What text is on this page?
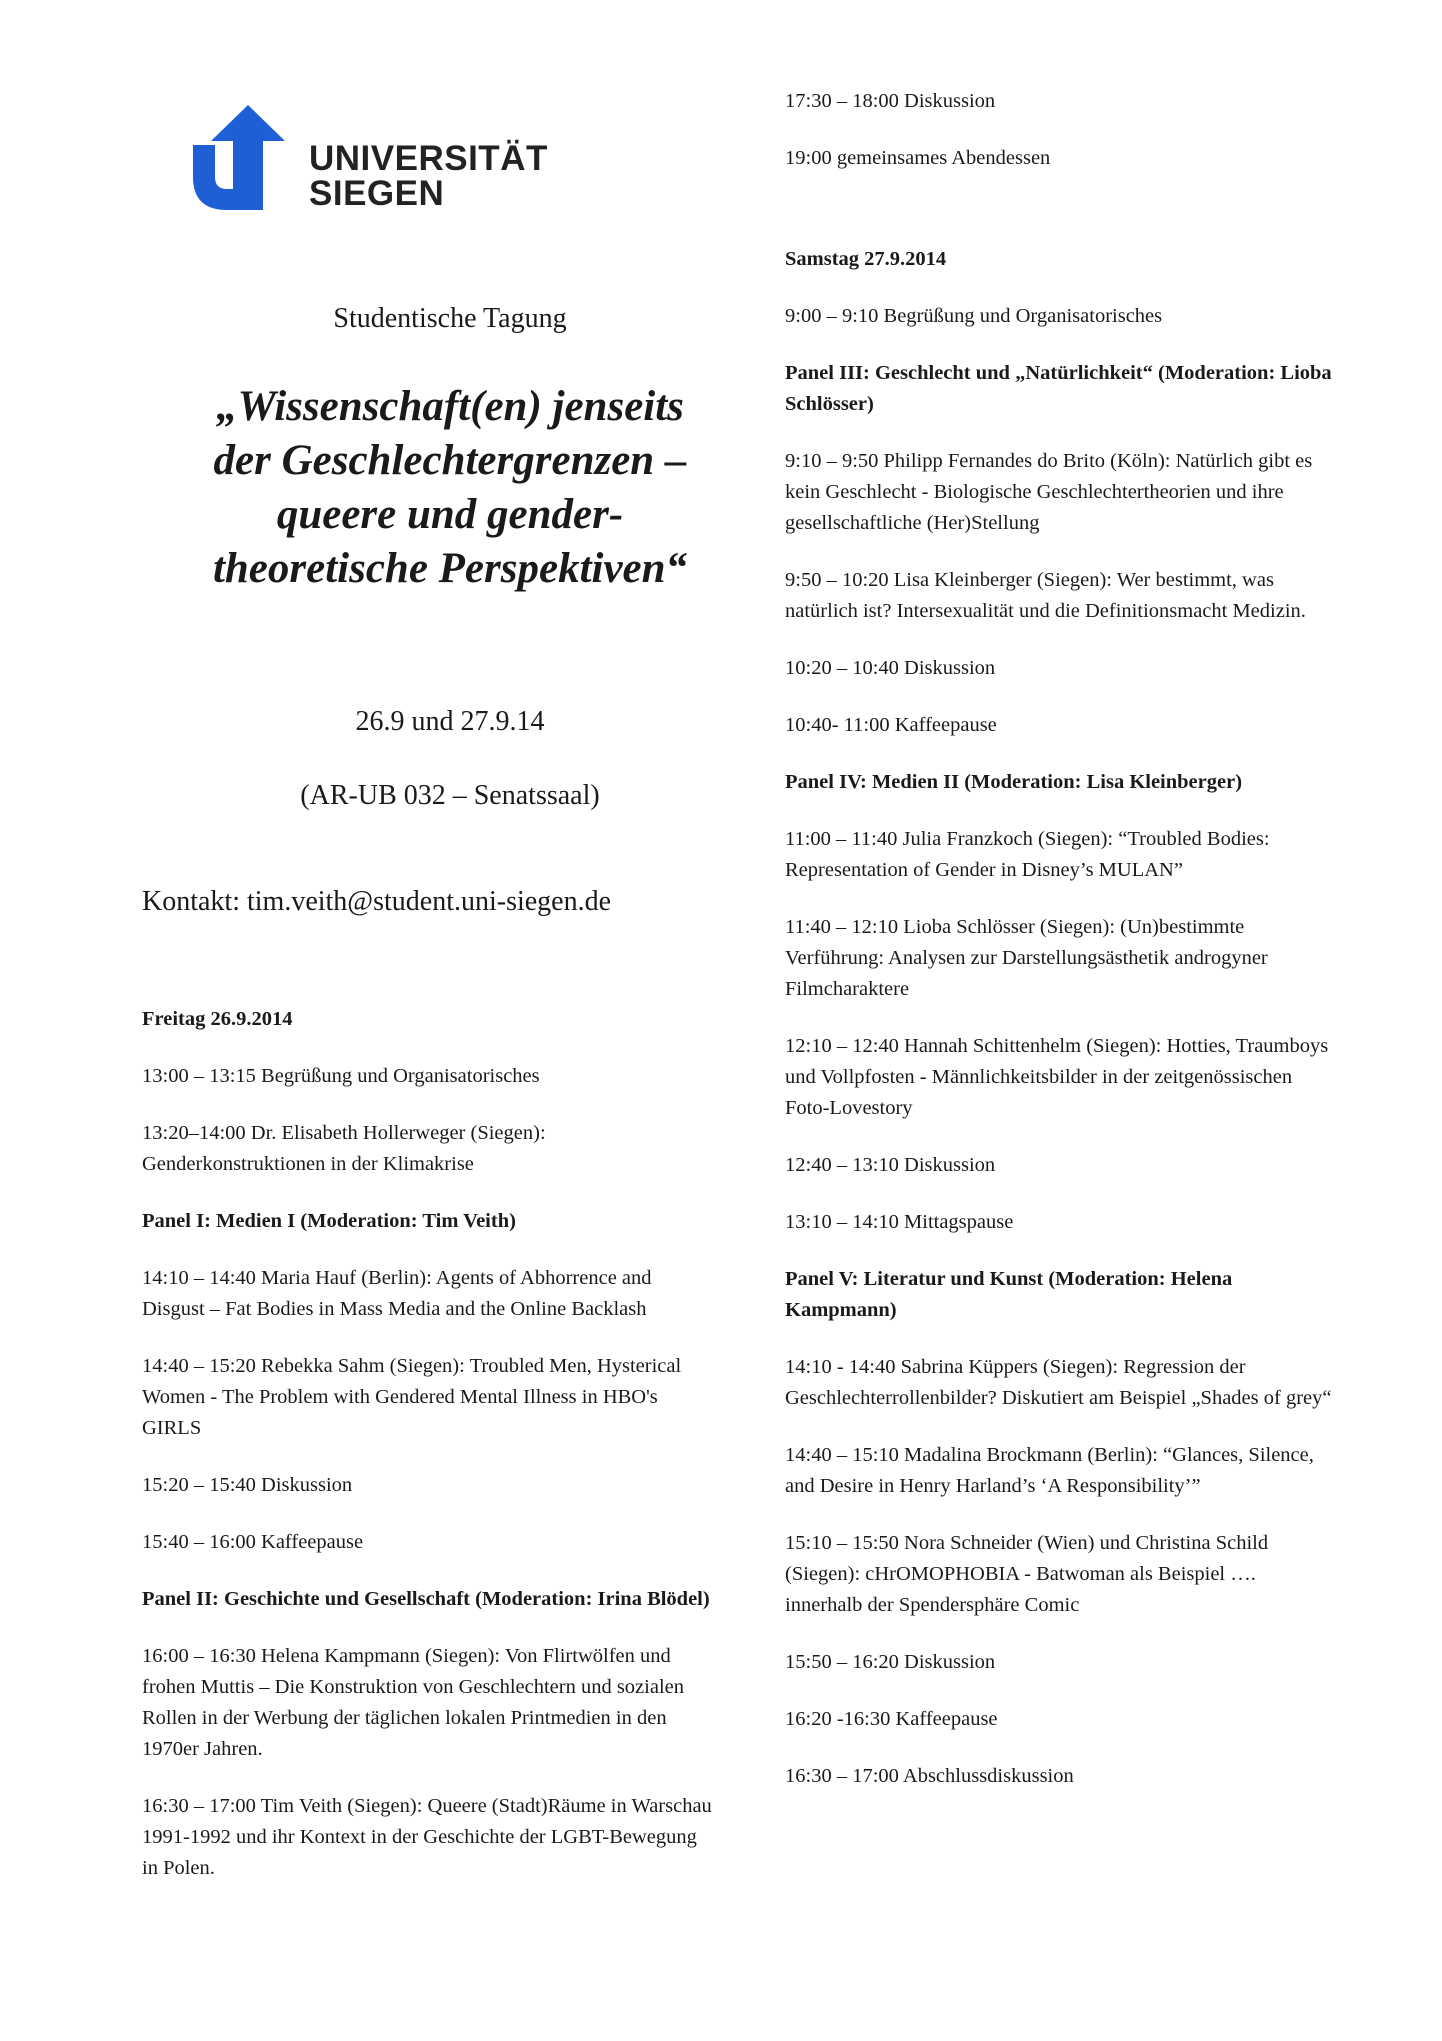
UNIVERSITÄT
SIEGEN
Studentische Tagung
„Wissenschaft(en) jenseits
der Geschlechtergrenzen –
queere und gender-
theoretische Perspektiven“
26.9 und 27.9.14
(AR-UB 032 – Senatssaal)
Kontakt: tim.veith@student.uni-siegen.de
Freitag 26.9.2014
13:00 – 13:15 Begrüßung und Organisatorisches
13:20–14:00 Dr. Elisabeth Hollerweger (Siegen): Genderkonstruktionen in der Klimakrise
Panel I: Medien I (Moderation: Tim Veith)
14:10 – 14:40 Maria Hauf (Berlin): Agents of Abhorrence and Disgust – Fat Bodies in Mass Media and the Online Backlash
14:40 – 15:20 Rebekka Sahm (Siegen): Troubled Men, Hysterical Women - The Problem with Gendered Mental Illness in HBO's GIRLS
15:20 – 15:40 Diskussion
15:40 – 16:00 Kaffeepause
Panel II: Geschichte und Gesellschaft (Moderation: Irina Blödel)
16:00 – 16:30 Helena Kampmann (Siegen): Von Flirtwölfen und frohen Muttis – Die Konstruktion von Geschlechtern und sozialen Rollen in der Werbung der täglichen lokalen Printmedien in den 1970er Jahren.
16:30 – 17:00 Tim Veith (Siegen): Queere (Stadt)Räume in Warschau 1991-1992 und ihr Kontext in der Geschichte der LGBT-Bewegung in Polen.
17:30 – 18:00 Diskussion
19:00 gemeinsames Abendessen
Samstag 27.9.2014
9:00 – 9:10 Begrüßung und Organisatorisches
Panel III: Geschlecht und „Natürlichkeit“ (Moderation: Lioba Schlösser)
9:10 – 9:50 Philipp Fernandes do Brito (Köln): Natürlich gibt es kein Geschlecht - Biologische Geschlechtertheorien und ihre gesellschaftliche (Her)Stellung
9:50 – 10:20 Lisa Kleinberger (Siegen): Wer bestimmt, was natürlich ist? Intersexualität und die Definitionsmacht Medizin.
10:20 – 10:40 Diskussion
10:40- 11:00 Kaffeepause
Panel IV: Medien II (Moderation: Lisa Kleinberger)
11:00 – 11:40 Julia Franzkoch (Siegen): “Troubled Bodies: Representation of Gender in Disney’s MULAN”
11:40 – 12:10 Lioba Schlösser (Siegen): (Un)bestimmte Verführung: Analysen zur Darstellungsästhetik androgyner Filmcharaktere
12:10 – 12:40 Hannah Schittenhelm (Siegen): Hotties, Traumboys und Vollpfosten - Männlichkeitsbilder in der zeitgenössischen Foto-Lovestory
12:40 – 13:10 Diskussion
13:10 – 14:10 Mittagspause
Panel V: Literatur und Kunst (Moderation: Helena Kampmann)
14:10 - 14:40 Sabrina Küppers (Siegen): Regression der Geschlechterrollenbilder? Diskutiert am Beispiel „Shades of grey“
14:40 – 15:10 Madalina Brockmann (Berlin): “Glances, Silence, and Desire in Henry Harland’s ‘A Responsibility’”
15:10 – 15:50 Nora Schneider (Wien) und Christina Schild (Siegen): cHrOMOPHOBIA - Batwoman als Beispiel …. innerhalb der Spendersphäre Comic
15:50 – 16:20 Diskussion
16:20 -16:30 Kaffeepause
16:30 – 17:00 Abschlussdiskussion
